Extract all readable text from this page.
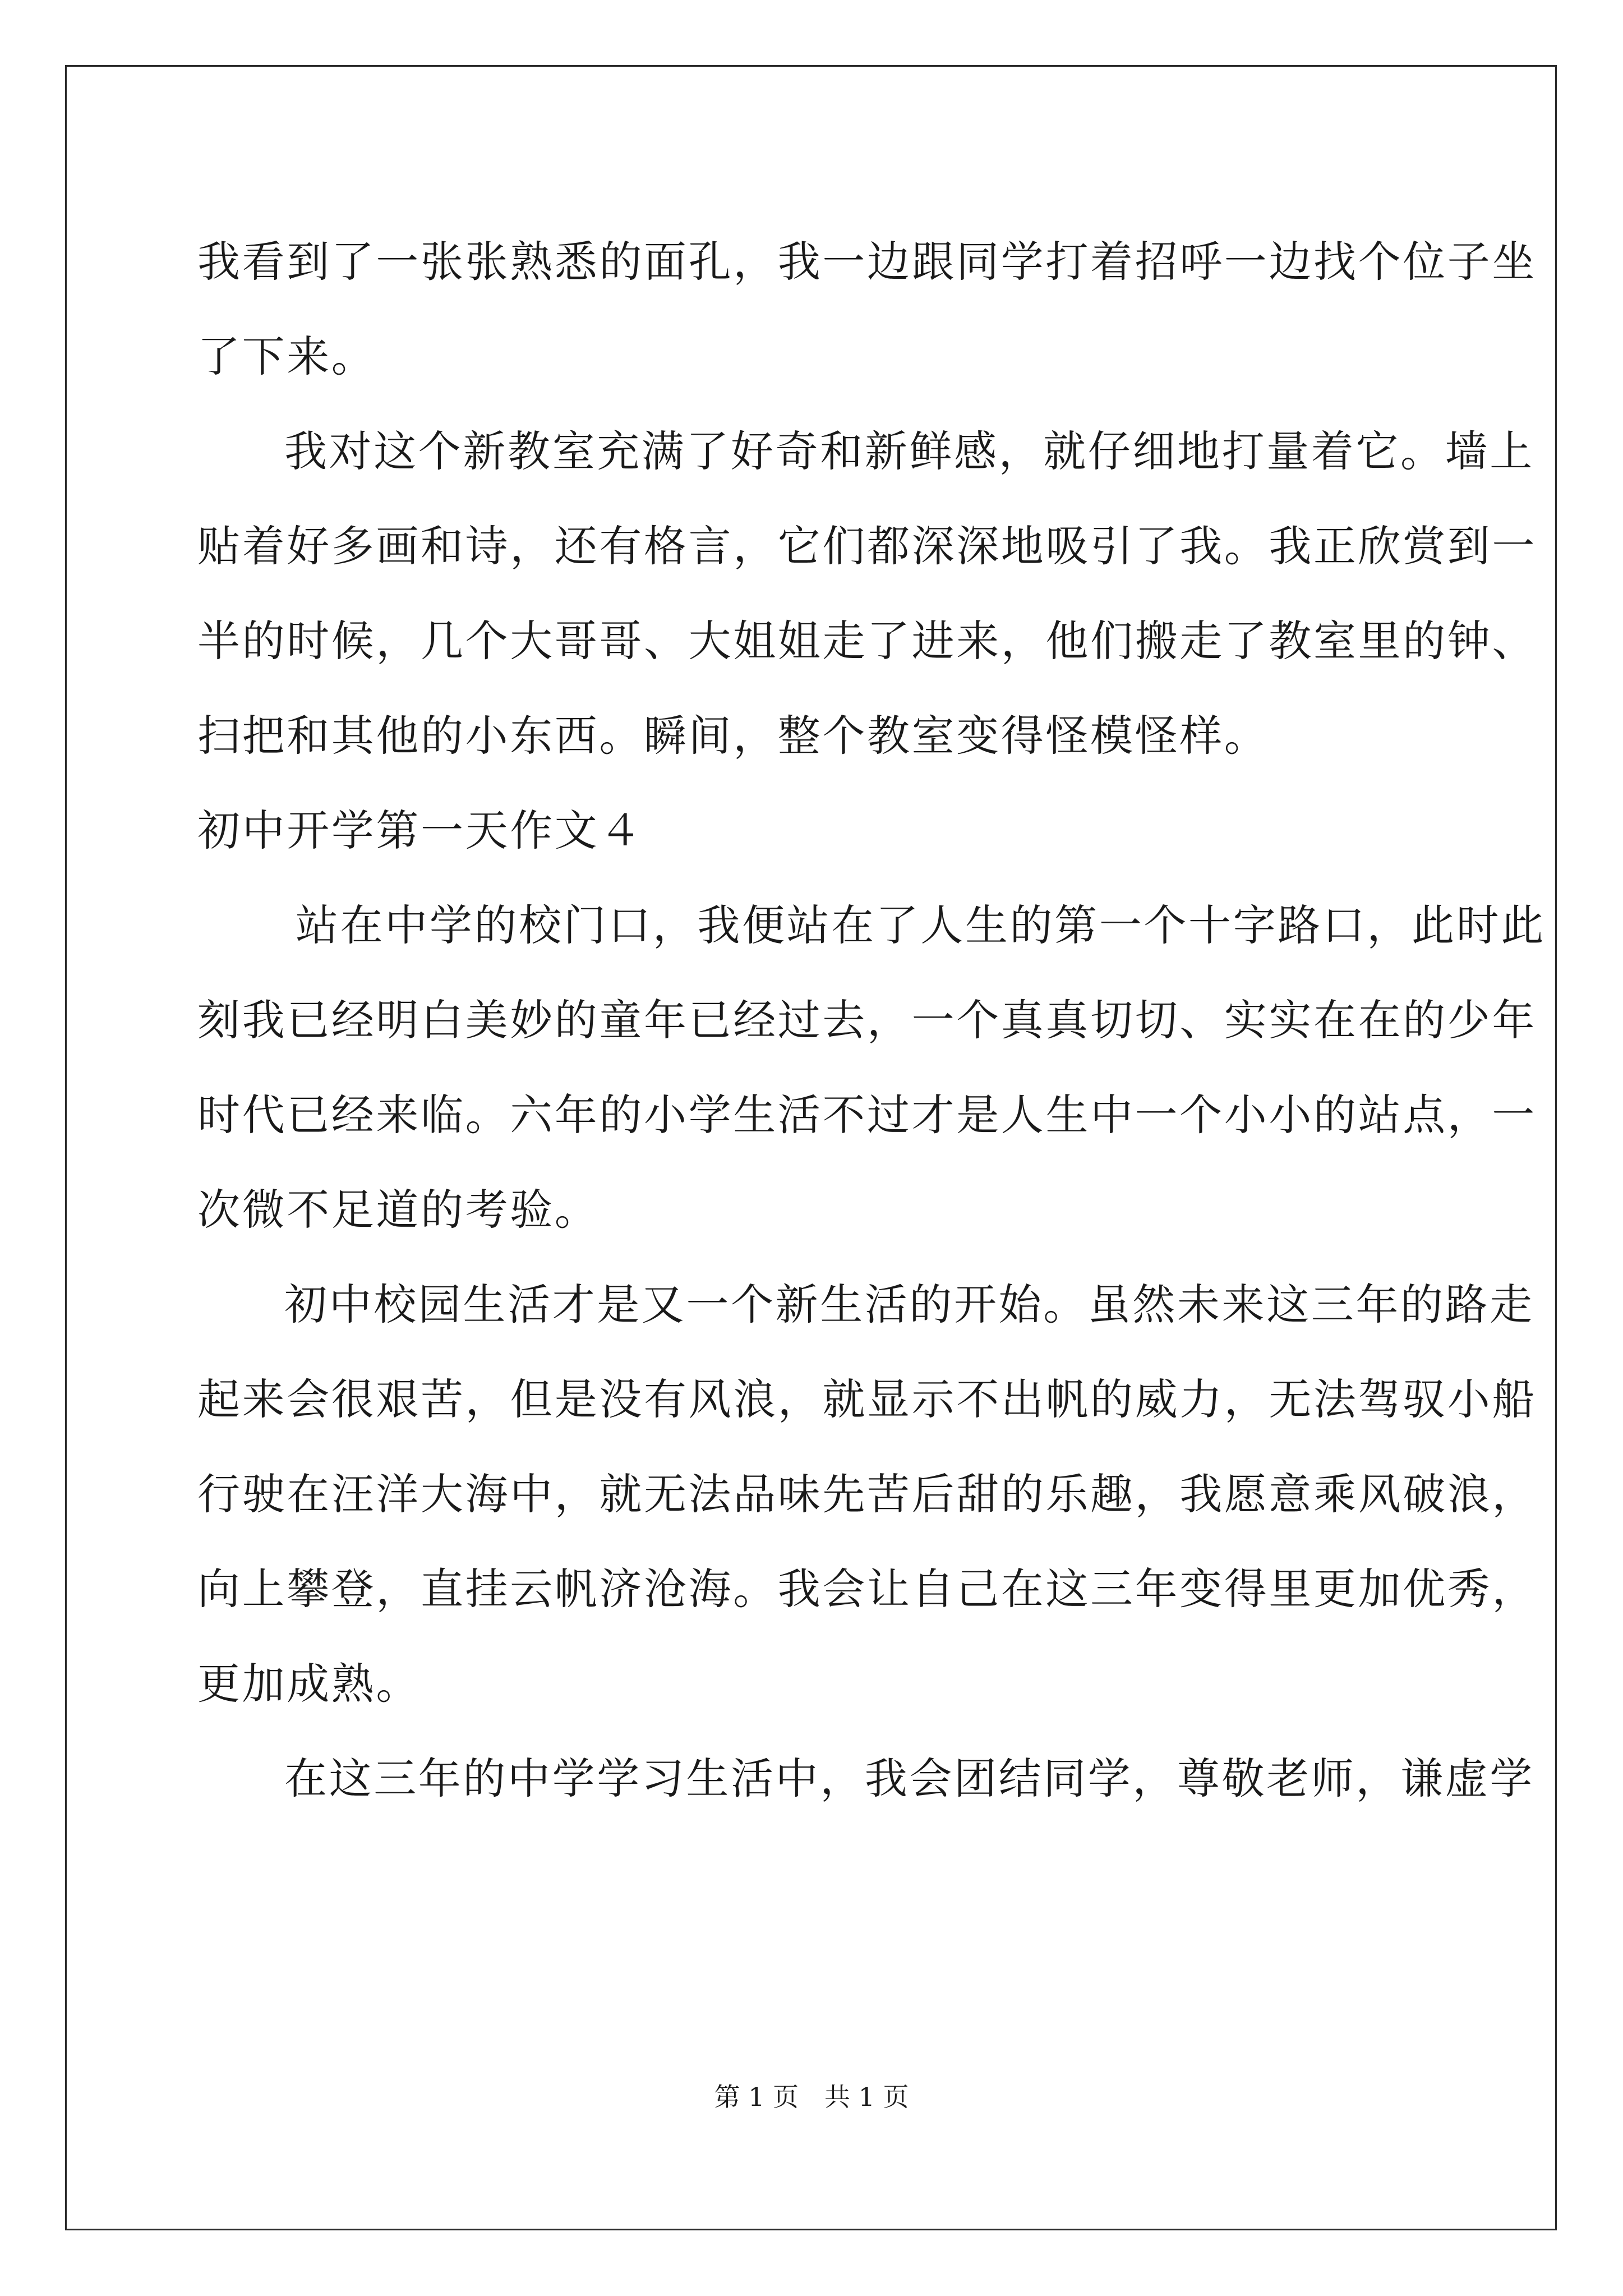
我看到了一张张熟悉的面孔，我一边跟同学打着招呼一边找个位子坐
了下来。
我对这个新教室充满了好奇和新鲜感，就仔细地打量着它。墙上
贴着好多画和诗，还有格言，它们都深深地吸引了我。我正欣赏到一
半的时候，几个大哥哥、大姐姐走了进来，他们搬走了教室里的钟、
扫把和其他的小东西。瞬间，整个教室变得怪模怪样。
初中开学第一天作文４
站在中学的校门口，我便站在了人生的第一个十字路口，此时此
刻我已经明白美妙的童年已经过去，一个真真切切、实实在在的少年
时代已经来临。六年的小学生活不过才是人生中一个小小的站点，一
次微不足道的考验。
初中校园生活才是又一个新生活的开始。虽然未来这三年的路走
起来会很艰苦，但是没有风浪，就显示不出帆的威力，无法驾驭小船
行驶在汪洋大海中，就无法品味先苦后甜的乐趣，我愿意乘风破浪，
向上攀登，直挂云帆济沧海。我会让自己在这三年变得里更加优秀，
更加成熟。
在这三年的中学学习生活中，我会团结同学，尊敬老师，谦虚学
第 1 页 共 1 页
